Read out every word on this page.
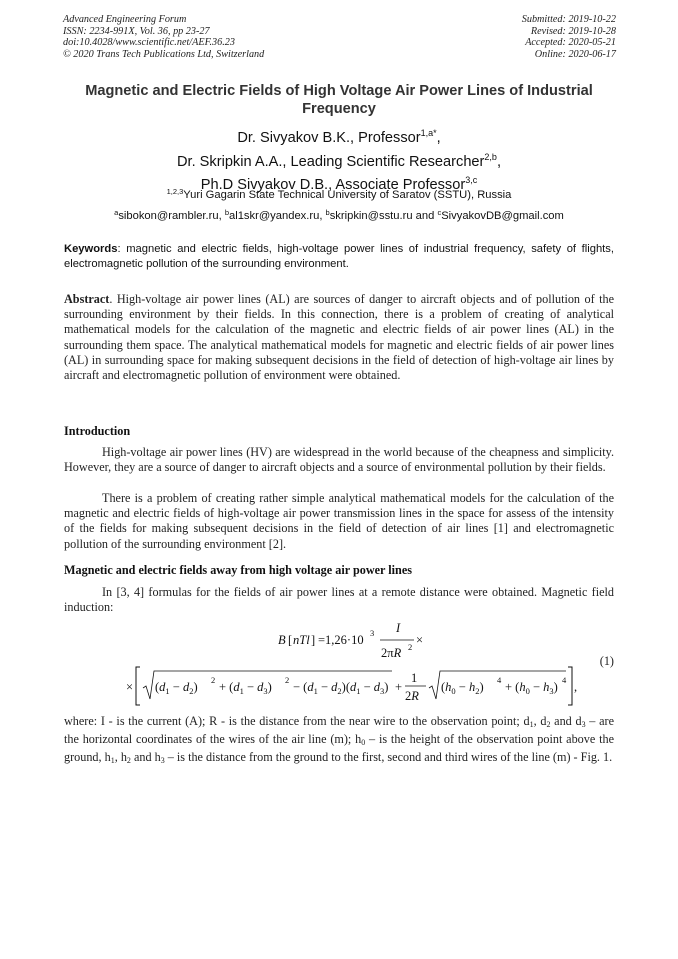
Advanced Engineering Forum
ISSN: 2234-991X, Vol. 36, pp 23-27
doi:10.4028/www.scientific.net/AEF.36.23
© 2020 Trans Tech Publications Ltd, Switzerland
Submitted: 2019-10-22
Revised: 2019-10-28
Accepted: 2020-05-21
Online: 2020-06-17
Magnetic and Electric Fields of High Voltage Air Power Lines of Industrial Frequency
Dr. Sivyakov B.K., Professor$^{1,a*}$,
Dr. Skripkin A.A., Leading Scientific Researcher$^{2,b}$,
Ph.D Sivyakov D.B., Associate Professor$^{3,c}$
$^{1,2,3}$Yuri Gagarin State Technical University of Saratov (SSTU), Russia
$^a$sibokon@rambler.ru, $^b$al1skr@yandex.ru, $^b$skripkin@sstu.ru and $^c$SivyakovDB@gmail.com
Keywords: magnetic and electric fields, high-voltage power lines of industrial frequency, safety of flights, electromagnetic pollution of the surrounding environment.
Abstract. High-voltage air power lines (AL) are sources of danger to aircraft objects and of pollution of the surrounding environment by their fields. In this connection, there is a problem of creating of analytical mathematical models for the calculation of the magnetic and electric fields of air power lines (AL) in the surrounding them space. The analytical mathematical models for magnetic and electric fields of air power lines (AL) in surrounding space for making subsequent decisions in the field of detection of high-voltage air lines by aircraft and electromagnetic pollution of environment were obtained.
Introduction
High-voltage air power lines (HV) are widespread in the world because of the cheapness and simplicity. However, they are a source of danger to aircraft objects and a source of environmental pollution by their fields.
There is a problem of creating rather simple analytical mathematical models for the calculation of the magnetic and electric fields of high-voltage air power transmission lines in the space for assess of the intensity of the fields for making subsequent decisions in the field of detection of air lines [1] and electromagnetic pollution of the surrounding environment [2].
Magnetic and electric fields away from high voltage air power lines
In [3, 4] formulas for the fields of air power lines at a remote distance were obtained. Magnetic field induction:
B [ nTl ] =1,26·10 3 I
2πR 2 ×
× $(d_1 - d_2) 2 + (d_1 - d_3) 2 - (d_1 - d_2)(d_1 - d_3)$ +
1
2R
$(h_0 - h_2) 4 + (h_0 - h_3)$ 4 ,
(1)
where: I - is the current (A); R - is the distance from the near wire to the observation point; $d_1$, $d_2$ and $d_3$ – are the horizontal coordinates of the wires of the air line (m); $h_0$ – is the height of the observation point above the ground, $h_1$, $h_2$ and $h_3$ – is the distance from the ground to the first, second and third wires of the line (m) - Fig. 1.
